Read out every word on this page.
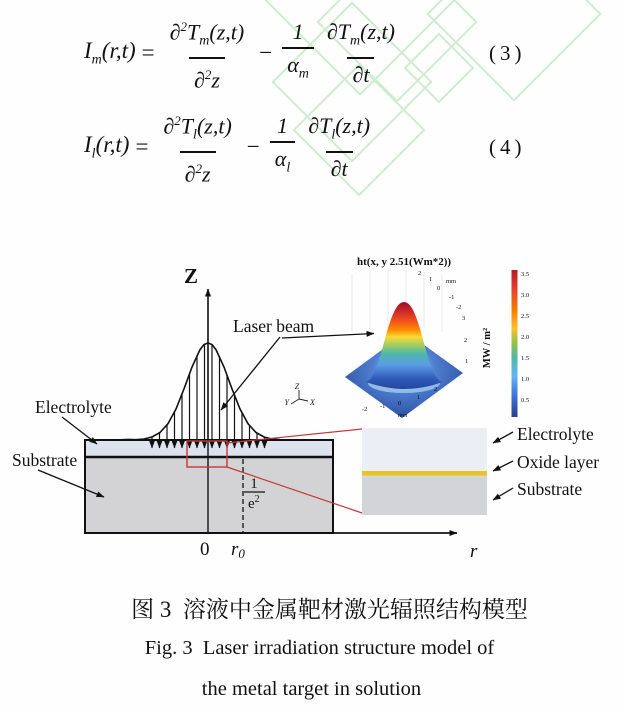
$I_m(r,t) = \frac{\partial^2T_m(z,t)}{\partial^2z} - \frac{1}{\alpha_m} \frac{\partial T_m(z,t)}{\partial t}$	(3)
$I_l(r,t) = \frac{\partial^2T_l(z,t)}{\partial^2z} - \frac{1}{\alpha_l} \frac{\partial T_l(z,t)}{\partial t}$	(4)
Z
Laser beam
Electrolyte
Substrate
1
$e^2$
0 r0	r
Z
Y	X
Electrolyte
Oxide layer
Substrate
ht(x, y 2.51(Wm*2))
2
1
0
mm
-1
-2
3
2
1
-2 -1 0
1
2
mm
3.5
3.0
2.5
2.0
1.5
1.0
0.5
MW / m²
图 3  溶液中金属靶材激光辐照结构模型
Fig. 3  Laser irradiation structure model of
the metal target in solution
